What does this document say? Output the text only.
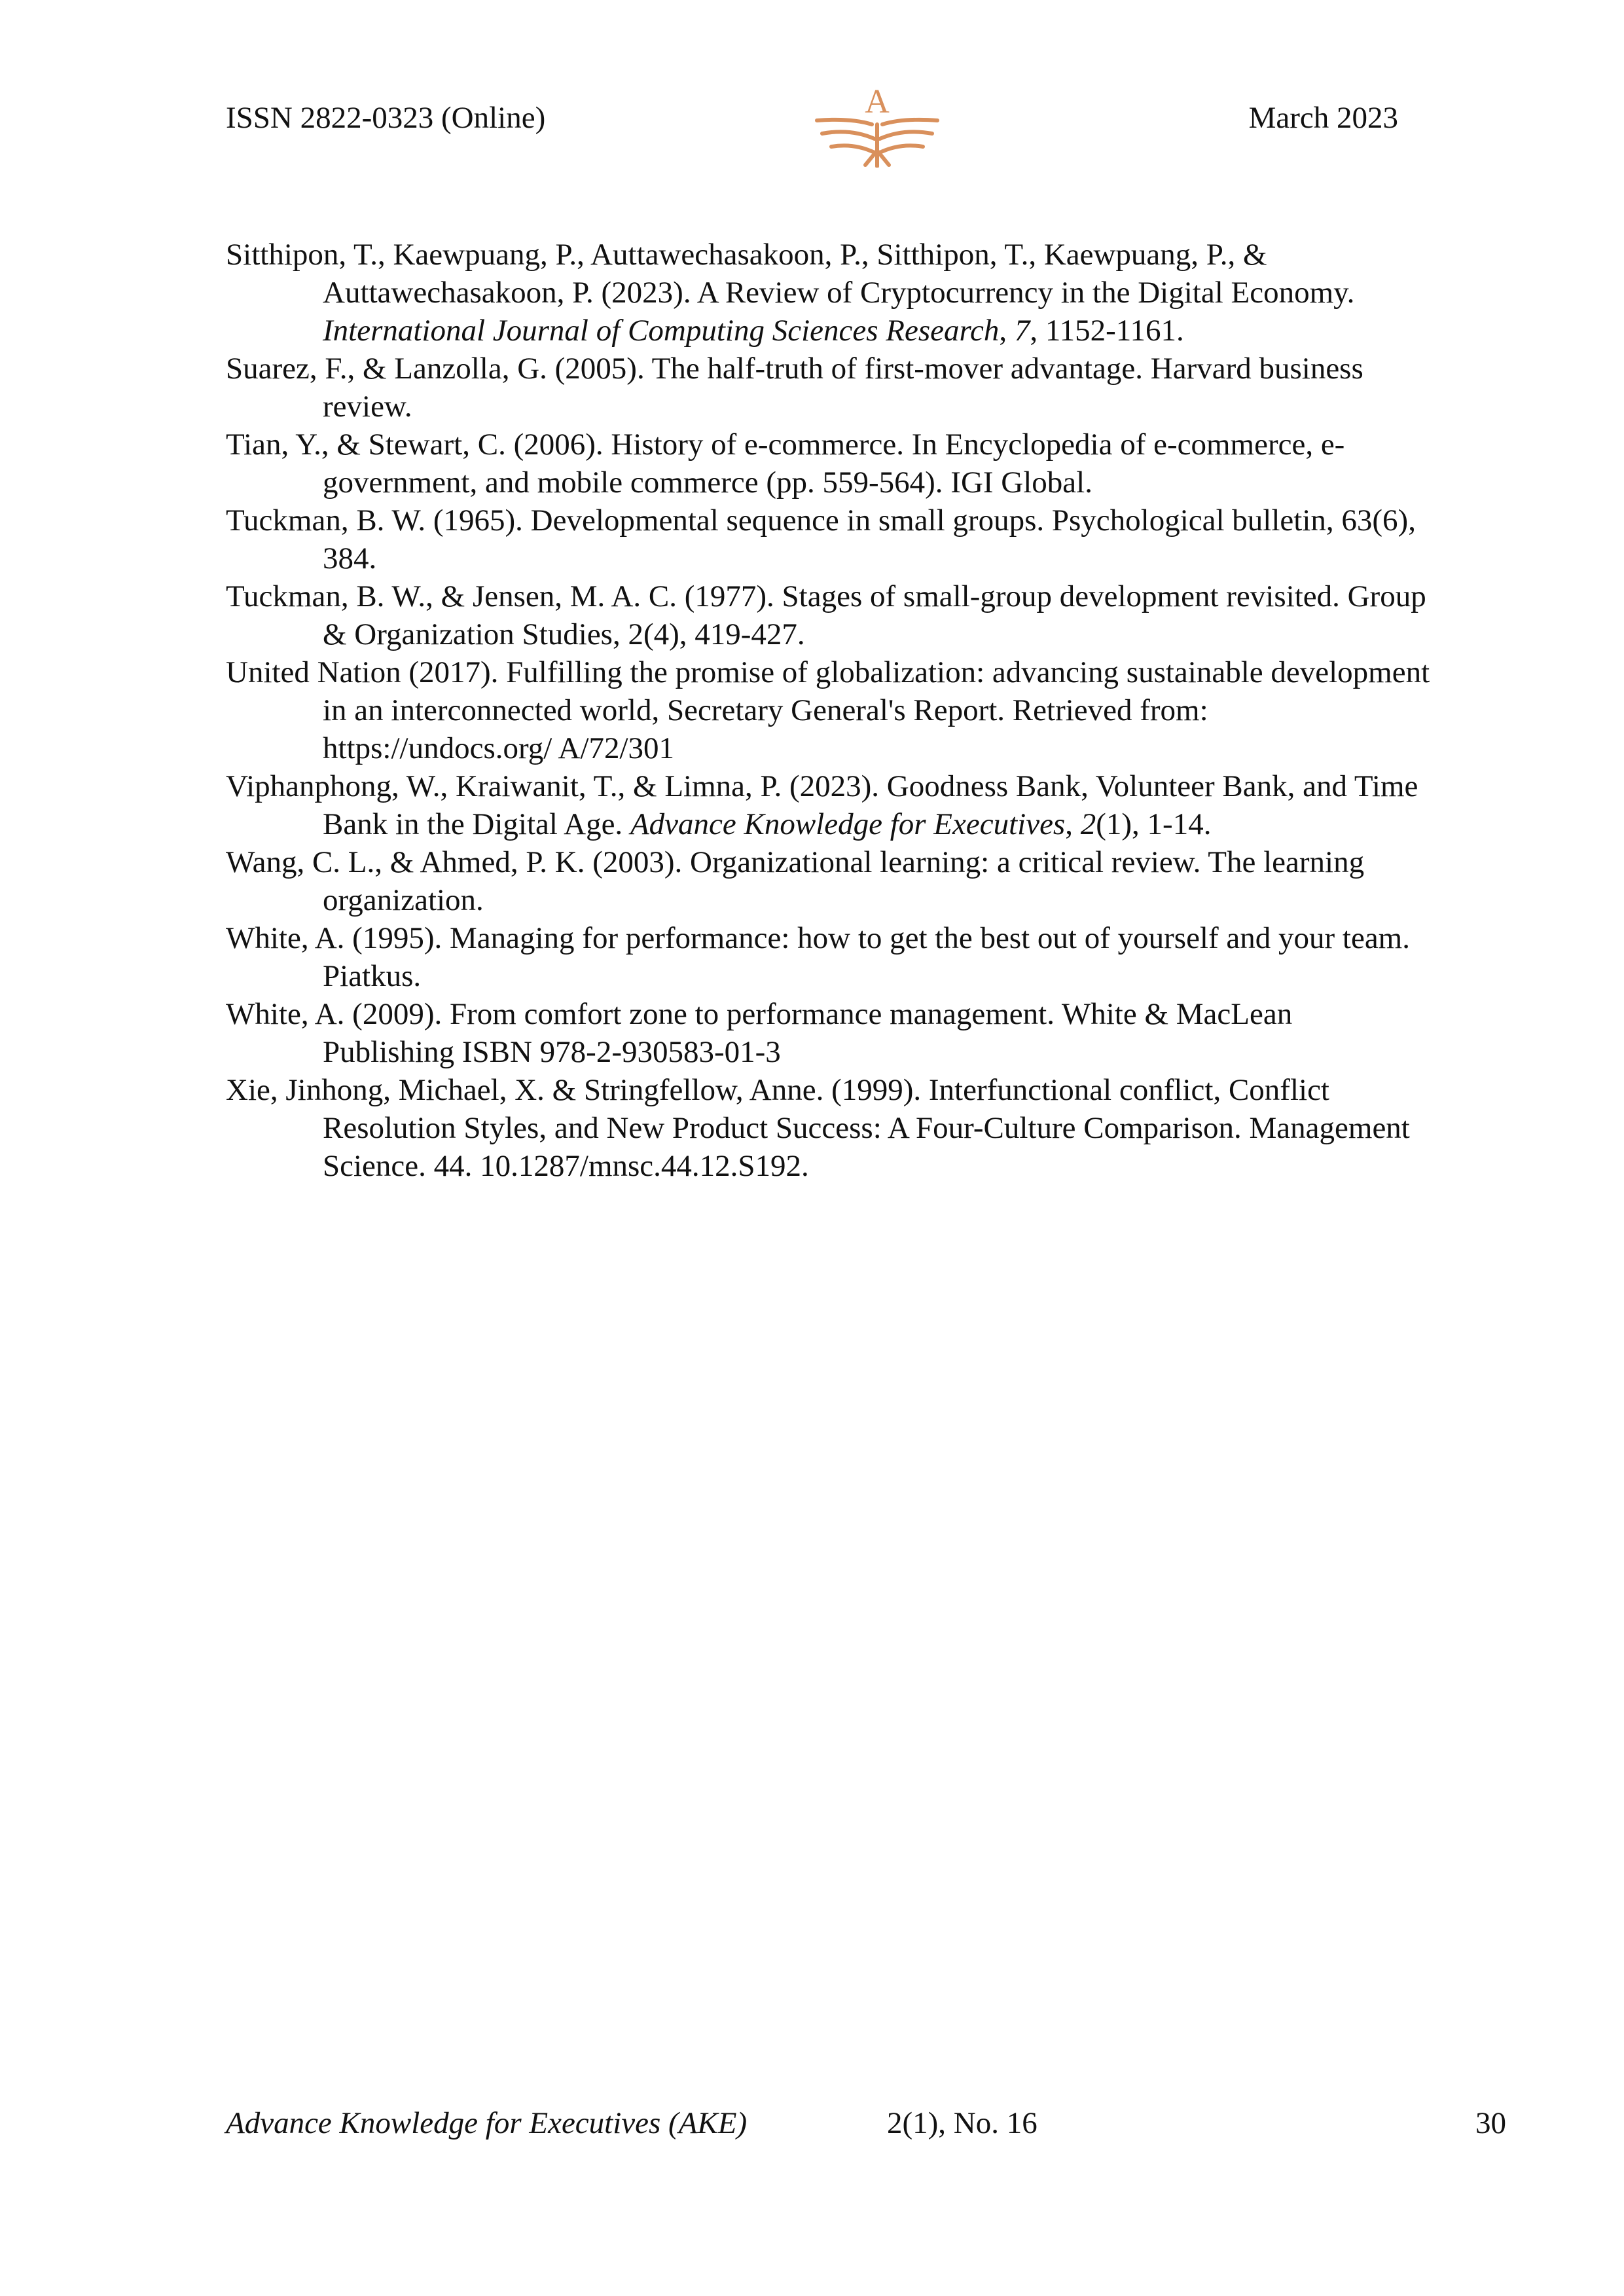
ISSN 2822-0323 (Online)	A	March 2023

Sitthipon, T., Kaewpuang, P., Auttawechasakoon, P., Sitthipon, T., Kaewpuang, P., & Auttawechasakoon, P. (2023). A Review of Cryptocurrency in the Digital Economy. International Journal of Computing Sciences Research, 7, 1152-1161.

Suarez, F., & Lanzolla, G. (2005). The half-truth of first-mover advantage. Harvard business review.

Tian, Y., & Stewart, C. (2006). History of e-commerce. In Encyclopedia of e-commerce, e-government, and mobile commerce (pp. 559-564). IGI Global.

Tuckman, B. W. (1965). Developmental sequence in small groups. Psychological bulletin, 63(6), 384.

Tuckman, B. W., & Jensen, M. A. C. (1977). Stages of small-group development revisited. Group & Organization Studies, 2(4), 419-427.

United Nation (2017). Fulfilling the promise of globalization: advancing sustainable development in an interconnected world, Secretary General's Report. Retrieved from: https://undocs.org/ A/72/301

Viphanphong, W., Kraiwanit, T., & Limna, P. (2023). Goodness Bank, Volunteer Bank, and Time Bank in the Digital Age. Advance Knowledge for Executives, 2(1), 1-14.

Wang, C. L., & Ahmed, P. K. (2003). Organizational learning: a critical review. The learning organization.

White, A. (1995). Managing for performance: how to get the best out of yourself and your team. Piatkus.

White, A. (2009). From comfort zone to performance management. White & MacLean Publishing ISBN 978-2-930583-01-3

Xie, Jinhong, Michael, X. & Stringfellow, Anne. (1999). Interfunctional conflict, Conflict Resolution Styles, and New Product Success: A Four-Culture Comparison. Management Science. 44. 10.1287/mnsc.44.12.S192.

Advance Knowledge for Executives (AKE)	2(1), No. 16	30
